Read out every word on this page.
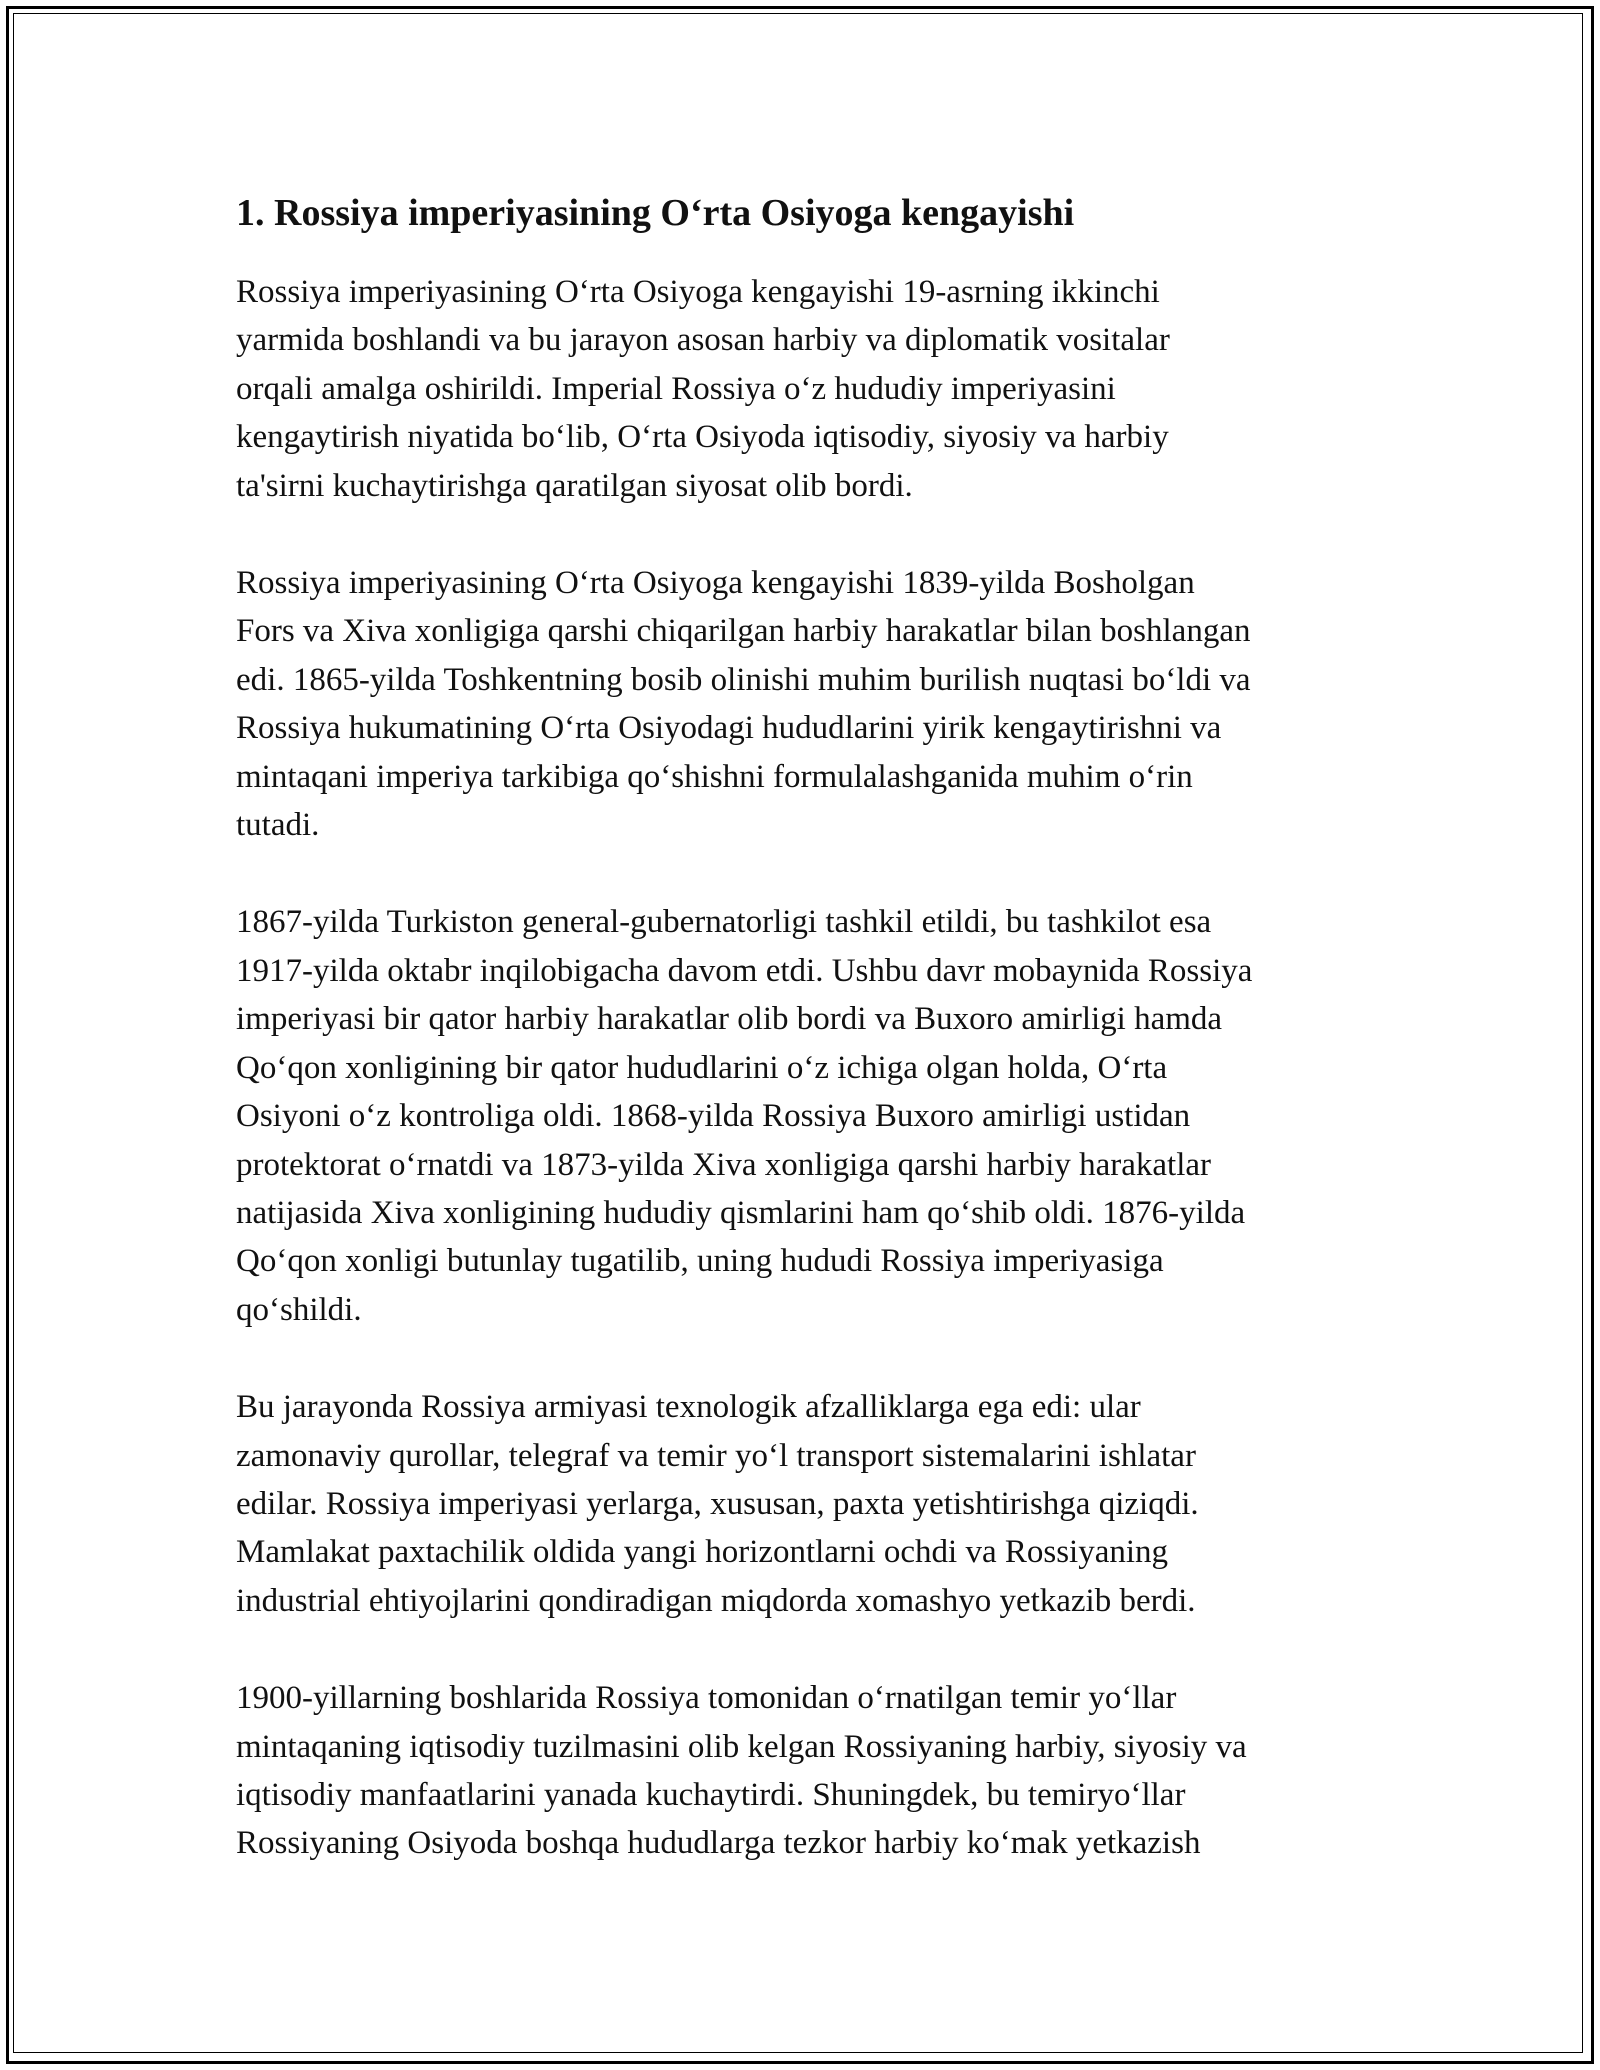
1. Rossiya imperiyasining O‘rta Osiyoga kengayishi

Rossiya imperiyasining O‘rta Osiyoga kengayishi 19-asrning ikkinchi
yarmida boshlandi va bu jarayon asosan harbiy va diplomatik vositalar
orqali amalga oshirildi. Imperial Rossiya o‘z hududiy imperiyasini
kengaytirish niyatida bo‘lib, O‘rta Osiyoda iqtisodiy, siyosiy va harbiy
ta'sirni kuchaytirishga qaratilgan siyosat olib bordi.

Rossiya imperiyasining O‘rta Osiyoga kengayishi 1839-yilda Bosholgan
Fors va Xiva xonligiga qarshi chiqarilgan harbiy harakatlar bilan boshlangan
edi. 1865-yilda Toshkentning bosib olinishi muhim burilish nuqtasi bo‘ldi va
Rossiya hukumatining O‘rta Osiyodagi hududlarini yirik kengaytirishni va
mintaqani imperiya tarkibiga qo‘shishni formulalashganida muhim o‘rin
tutadi.

1867-yilda Turkiston general-gubernatorligi tashkil etildi, bu tashkilot esa
1917-yilda oktabr inqilobigacha davom etdi. Ushbu davr mobaynida Rossiya
imperiyasi bir qator harbiy harakatlar olib bordi va Buxoro amirligi hamda
Qo‘qon xonligining bir qator hududlarini o‘z ichiga olgan holda, O‘rta
Osiyoni o‘z kontroliga oldi. 1868-yilda Rossiya Buxoro amirligi ustidan
protektorat o‘rnatdi va 1873-yilda Xiva xonligiga qarshi harbiy harakatlar
natijasida Xiva xonligining hududiy qismlarini ham qo‘shib oldi. 1876-yilda
Qo‘qon xonligi butunlay tugatilib, uning hududi Rossiya imperiyasiga
qo‘shildi.

Bu jarayonda Rossiya armiyasi texnologik afzalliklarga ega edi: ular
zamonaviy qurollar, telegraf va temir yo‘l transport sistemalarini ishlatar
edilar. Rossiya imperiyasi yerlarga, xususan, paxta yetishtirishga qiziqdi.
Mamlakat paxtachilik oldida yangi horizontlarni ochdi va Rossiyaning
industrial ehtiyojlarini qondiradigan miqdorda xomashyo yetkazib berdi.

1900-yillarning boshlarida Rossiya tomonidan o‘rnatilgan temir yo‘llar
mintaqaning iqtisodiy tuzilmasini olib kelgan Rossiyaning harbiy, siyosiy va
iqtisodiy manfaatlarini yanada kuchaytirdi. Shuningdek, bu temiryo‘llar
Rossiyaning Osiyoda boshqa hududlarga tezkor harbiy ko‘mak yetkazish
